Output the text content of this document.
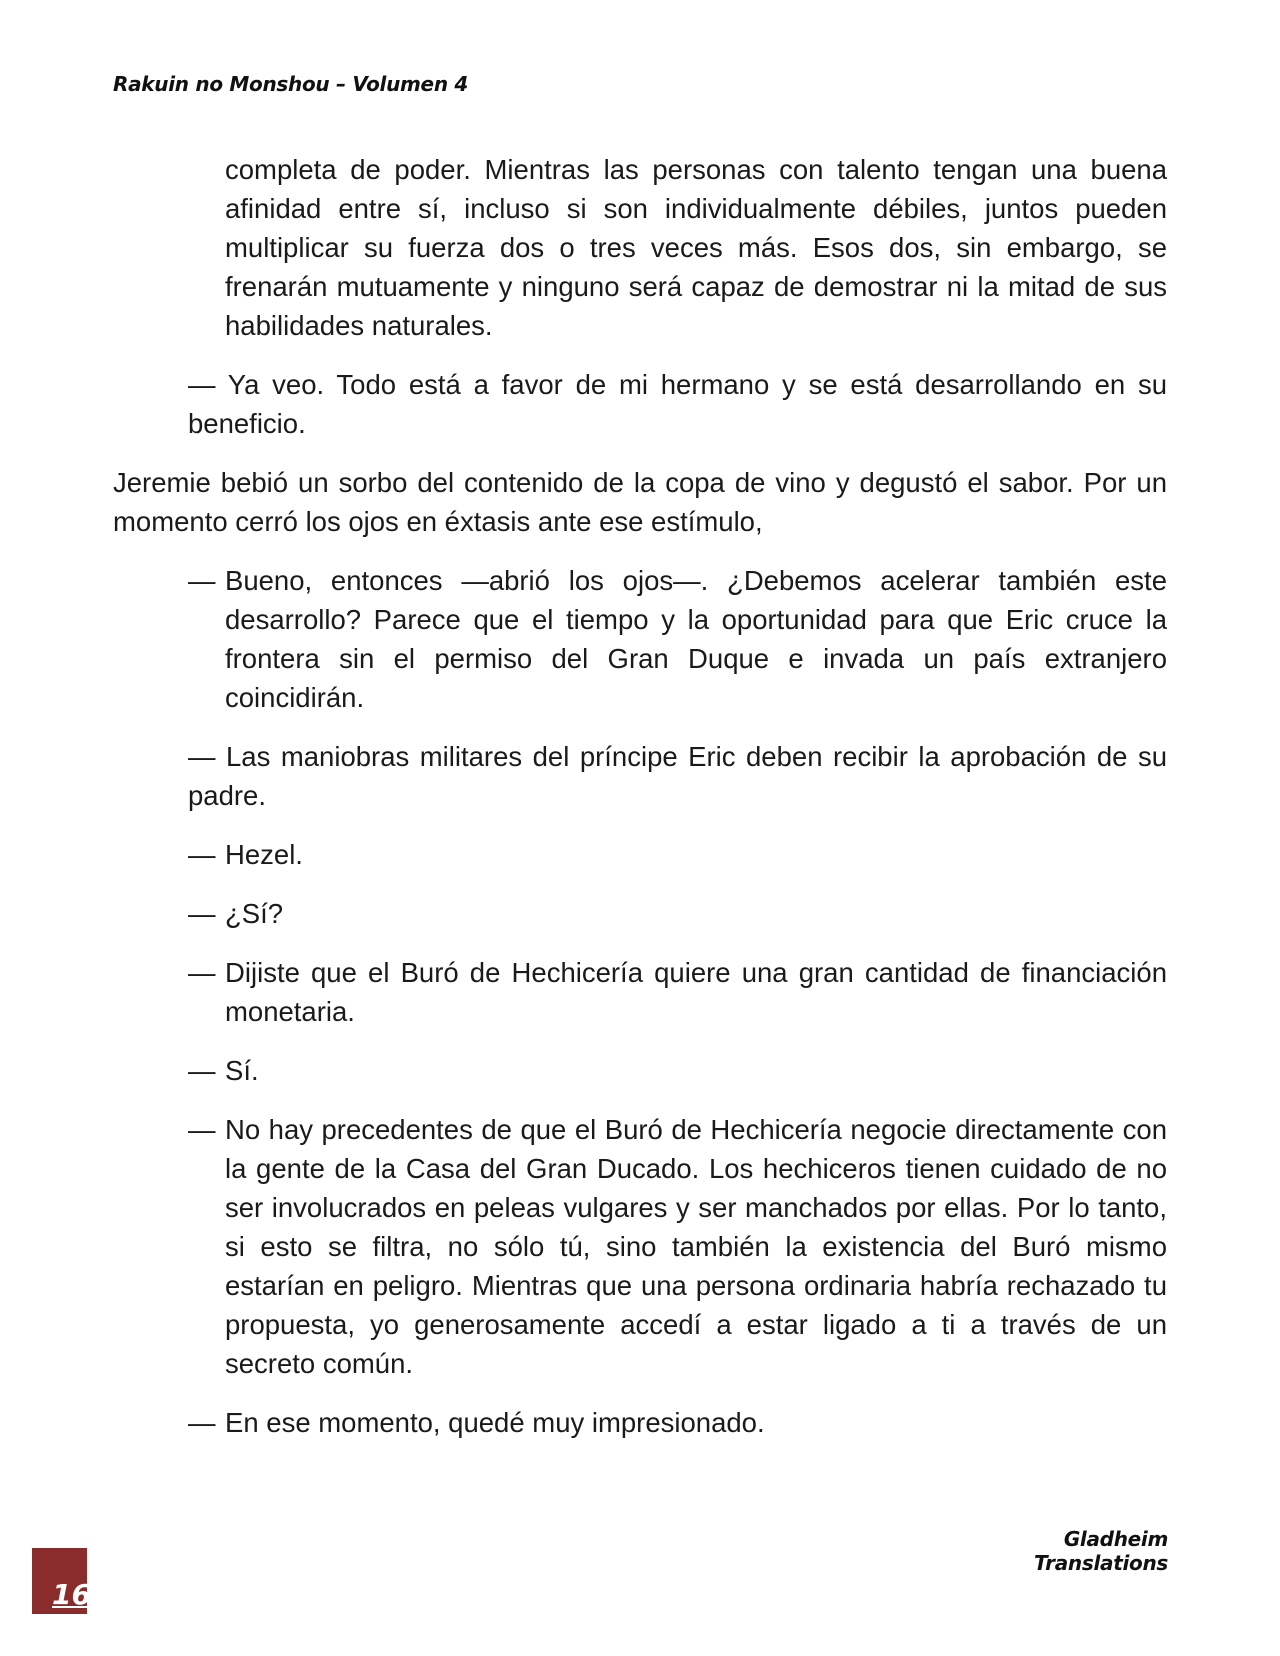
Rakuin no Monshou – Volumen 4

completa de poder. Mientras las personas con talento tengan una buena afinidad entre sí, incluso si son individualmente débiles, juntos pueden multiplicar su fuerza dos o tres veces más. Esos dos, sin embargo, se frenarán mutuamente y ninguno será capaz de demostrar ni la mitad de sus habilidades naturales.

— Ya veo. Todo está a favor de mi hermano y se está desarrollando en su beneficio.

Jeremie bebió un sorbo del contenido de la copa de vino y degustó el sabor. Por un momento cerró los ojos en éxtasis ante ese estímulo,

— Bueno, entonces —abrió los ojos—. ¿Debemos acelerar también este desarrollo? Parece que el tiempo y la oportunidad para que Eric cruce la frontera sin el permiso del Gran Duque e invada un país extranjero coincidirán.

— Las maniobras militares del príncipe Eric deben recibir la aprobación de su padre.

— Hezel.
— ¿Sí?
— Dijiste que el Buró de Hechicería quiere una gran cantidad de financiación monetaria.
— Sí.
— No hay precedentes de que el Buró de Hechicería negocie directamente con la gente de la Casa del Gran Ducado. Los hechiceros tienen cuidado de no ser involucrados en peleas vulgares y ser manchados por ellas. Por lo tanto, si esto se filtra, no sólo tú, sino también la existencia del Buró mismo estarían en peligro. Mientras que una persona ordinaria habría rechazado tu propuesta, yo generosamente accedí a estar ligado a ti a través de un secreto común.
— En ese momento, quedé muy impresionado.
Gladheim Translations
16
